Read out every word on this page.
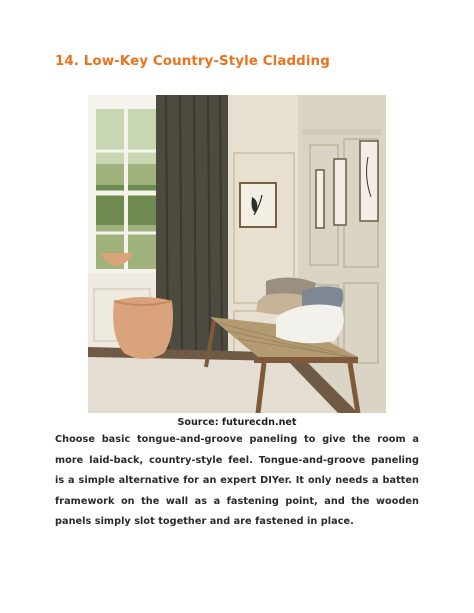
14. Low-Key Country-Style Cladding
Source: futurecdn.net

Choose basic tongue-and-groove paneling to give the room a more laid-back, country-style feel. Tongue-and-groove paneling is a simple alternative for an expert DIYer. It only needs a batten framework on the wall as a fastening point, and the wooden panels simply slot together and are fastened in place.
